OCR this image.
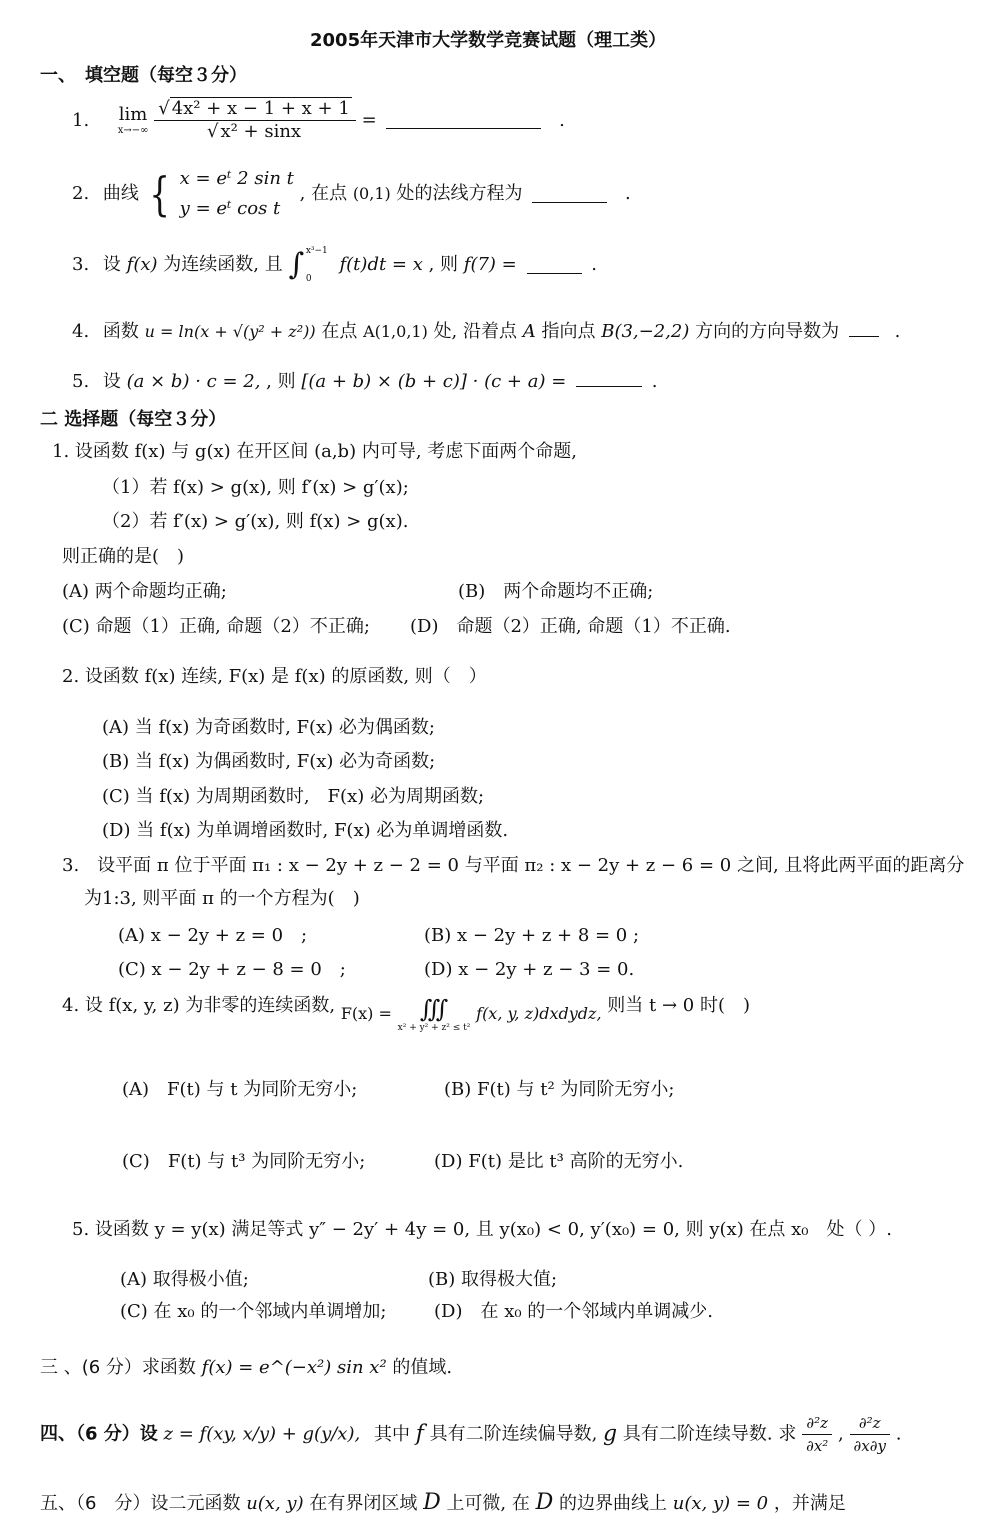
2005年天津市大学数学竞赛试题（理工类）
一、　填空题（每空３分）
1. lim
x→−∞
$\frac{\text{√ 4x² + x − 1 + x + 1}}{\text{√ x² + sinx}}$ =	.
2. 曲线 { x = eᵗ 2 sin t
y = eᵗ cos t
, 在点 (0,1) 处的法线方程为	.
3. 设 f(x) 为连续函数, 且 ∫ x³−1
0
f(t)dt = x , 则 f(7) =	.
4. 函数 u = ln(x + √(y² + z²)) 在点 A(1,0,1) 处, 沿着点 A 指向点 B(3,−2,2) 方向的方向导数为	.
5. 设 (a × b) · c = 2, , 则 [(a + b) × (b + c)] · (c + a) =	.
二 选择题（每空３分）
1. 设函数 f(x) 与 g(x) 在开区间 (a,b) 内可导, 考虑下面两个命题,
（1）若 f(x) > g(x), 则 f′(x) > g′(x);
（2）若 f′(x) > g′(x), 则 f(x) > g(x).
则正确的是(　)
(A) 两个命题均正确;	(B)　两个命题均不正确;
(C) 命题（1）正确, 命题（2）不正确; (D)　命题（2）正确, 命题（1）不正确.
2. 设函数 f(x) 连续, F(x) 是 f(x) 的原函数, 则（　）
(A) 当 f(x) 为奇函数时, F(x) 必为偶函数;
(B) 当 f(x) 为偶函数时, F(x) 必为奇函数;
(C) 当 f(x) 为周期函数时,　F(x) 必为周期函数;
(D) 当 f(x) 为单调增函数时, F(x) 必为单调增函数.
3.　设平面 π 位于平面 π₁ : x − 2y + z − 2 = 0 与平面 π₂ : x − 2y + z − 6 = 0 之间, 且将此两平面的距离分
为1:3, 则平面 π 的一个方程为(　)
(A) x − 2y + z = 0　;	(B) x − 2y + z + 8 = 0 ;
(C) x − 2y + z − 8 = 0　;	(D) x − 2y + z − 3 = 0.
4. 设 f(x, y, z) 为非零的连续函数, F(x) =	∭
x² + y² + z² ≤ t²
f(x, y, z)dxdydz, 则当 t → 0 时(　)
(A)　F(t) 与 t 为同阶无穷小;	(B) F(t) 与 t² 为同阶无穷小;
(C)　F(t) 与 t³ 为同阶无穷小;	(D) F(t) 是比 t³ 高阶的无穷小.
5. 设函数 y = y(x) 满足等式 y″ − 2y′ + 4y = 0, 且 y(x₀) < 0, y′(x₀) = 0, 则 y(x) 在点 x₀　处（ ）.
(A) 取得极小值;	(B) 取得极大值;
(C) 在 x₀ 的一个邻域内单调增加;	(D)　在 x₀ 的一个邻域内单调减少.
三 、(6 分）求函数 f(x) = e^(−x²) sin x² 的值域.
四、（6 分）设 z = f(xy, x/y) + g(y/x), 其中 f 具有二阶连续偏导数, g 具有二阶连续导数. 求 $\frac{\text{∂²z}}{\text{∂x²}}$ , $\frac{\text{∂²z}}{\partial x\partial y}$ .
五、（6　分）设二元函数 u(x, y) 在有界闭区域 D 上可微, 在 D 的边界曲线上 u(x, y) = 0 ，并满足
